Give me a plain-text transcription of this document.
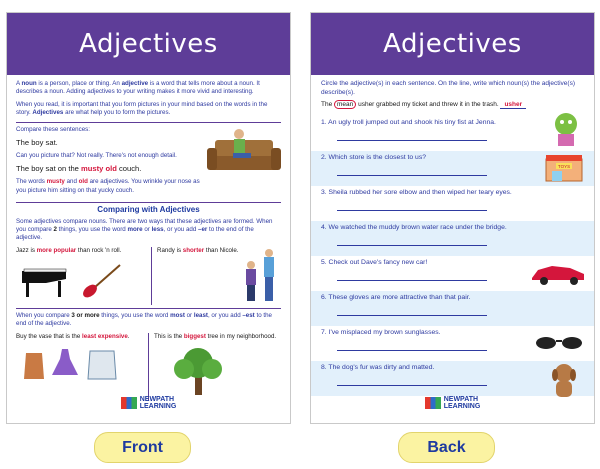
Adjectives

A noun is a person, place or thing. An adjective is a word that tells more about a noun. It describes a noun. Adding adjectives to your writing makes it more vivid and interesting.

When you read, it is important that you form pictures in your mind based on the words in the story. Adjectives are what help you to form the pictures.

Compare these sentences:

The boy sat.

Can you picture that? Not really. There's not enough detail.

The boy sat on the musty old couch.

The words musty and old are adjectives. You wrinkle your nose as you picture him sitting on that yucky couch.

Comparing with Adjectives

Some adjectives compare nouns. There are two ways that these adjectives are formed. When you compare 2 things, you use the word more or less, or you add –er to the end of the adjective.

Jazz is more popular than rock 'n roll.	Randy is shorter than Nicole.

When you compare 3 or more things, you use the word most or least, or you add –est to the end of the adjective.

Buy the vase that is the least expensive.	This is the biggest tree in my neighborhood.

NEWPATH
LEARNING
Adjectives

Circle the adjective(s) in each sentence. On the line, write which noun(s) the adjective(s) describe(s).

The mean usher grabbed my ticket and threw it in the trash. usher

1. An ugly troll jumped out and shook his tiny fist at Jenna.
2. Which store is the closest to us?
TOYS
3. Sheila rubbed her sore elbow and then wiped her teary eyes.
4. We watched the muddy brown water race under the bridge.
5. Check out Dave's fancy new car!
6. These gloves are more attractive than that pair.
7. I've misplaced my brown sunglasses.
8. The dog's fur was dirty and matted.
NEWPATH
LEARNING
Front	Back
